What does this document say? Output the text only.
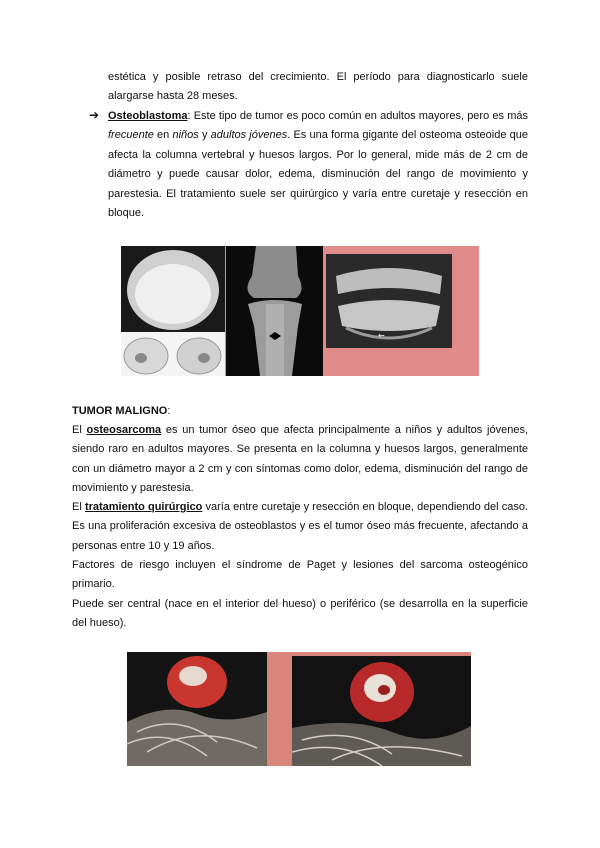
estética y posible retraso del crecimiento. El período para diagnosticarlo suele alargarse hasta 28 meses.
➔ Osteoblastoma: Este tipo de tumor es poco común en adultos mayores, pero es más frecuente en niños y adultos jóvenes. Es una forma gigante del osteoma osteoide que afecta la columna vertebral y huesos largos. Por lo general, mide más de 2 cm de diámetro y puede causar dolor, edema, disminución del rango de movimiento y parestesia. El tratamiento suele ser quirúrgico y varía entre curetaje y resección en bloque.
←
TUMOR MALIGNO:
El osteosarcoma es un tumor óseo que afecta principalmente a niños y adultos jóvenes, siendo raro en adultos mayores. Se presenta en la columna y huesos largos, generalmente con un diámetro mayor a 2 cm y con síntomas como dolor, edema, disminución del rango de movimiento y parestesia.
El tratamiento quirúrgico varía entre curetaje y resección en bloque, dependiendo del caso. Es una proliferación excesiva de osteoblastos y es el tumor óseo más frecuente, afectando a personas entre 10 y 19 años.
Factores de riesgo incluyen el síndrome de Paget y lesiones del sarcoma osteogénico primario.
Puede ser central (nace en el interior del hueso) o periférico (se desarrolla en la superficie del hueso).
